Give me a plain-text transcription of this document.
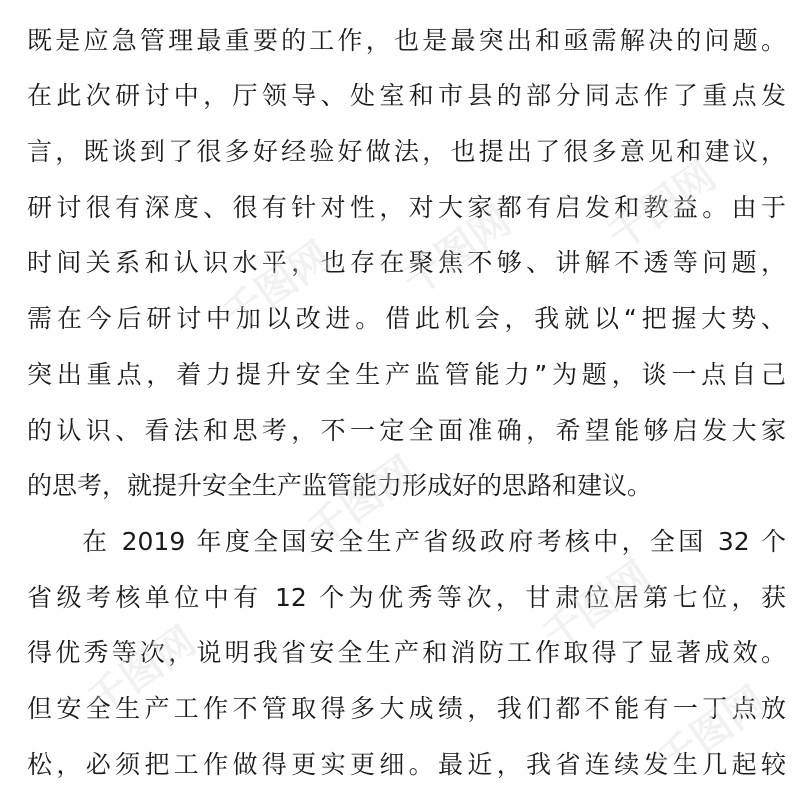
既是应急管理最重要的工作，也是最突出和亟需解决的问题。
在此次研讨中，厅领导、处室和市县的部分同志作了重点发
言，既谈到了很多好经验好做法，也提出了很多意见和建议，
研讨很有深度、很有针对性，对大家都有启发和教益。由于
时间关系和认识水平，也存在聚焦不够、讲解不透等问题，
需在今后研讨中加以改进。借此机会，我就以“把握大势、
突出重点，着力提升安全生产监管能力”为题，谈一点自己
的认识、看法和思考，不一定全面准确，希望能够启发大家
的思考，就提升安全生产监管能力形成好的思路和建议。
在 2019 年度全国安全生产省级政府考核中，全国 32 个
省级考核单位中有 12 个为优秀等次，甘肃位居第七位，获
得优秀等次，说明我省安全生产和消防工作取得了显著成效。
但安全生产工作不管取得多大成绩，我们都不能有一丁点放
松，必须把工作做得更实更细。最近，我省连续发生几起较
千图网 千图网 千图网
千图网
千图网
千图网
千图网
